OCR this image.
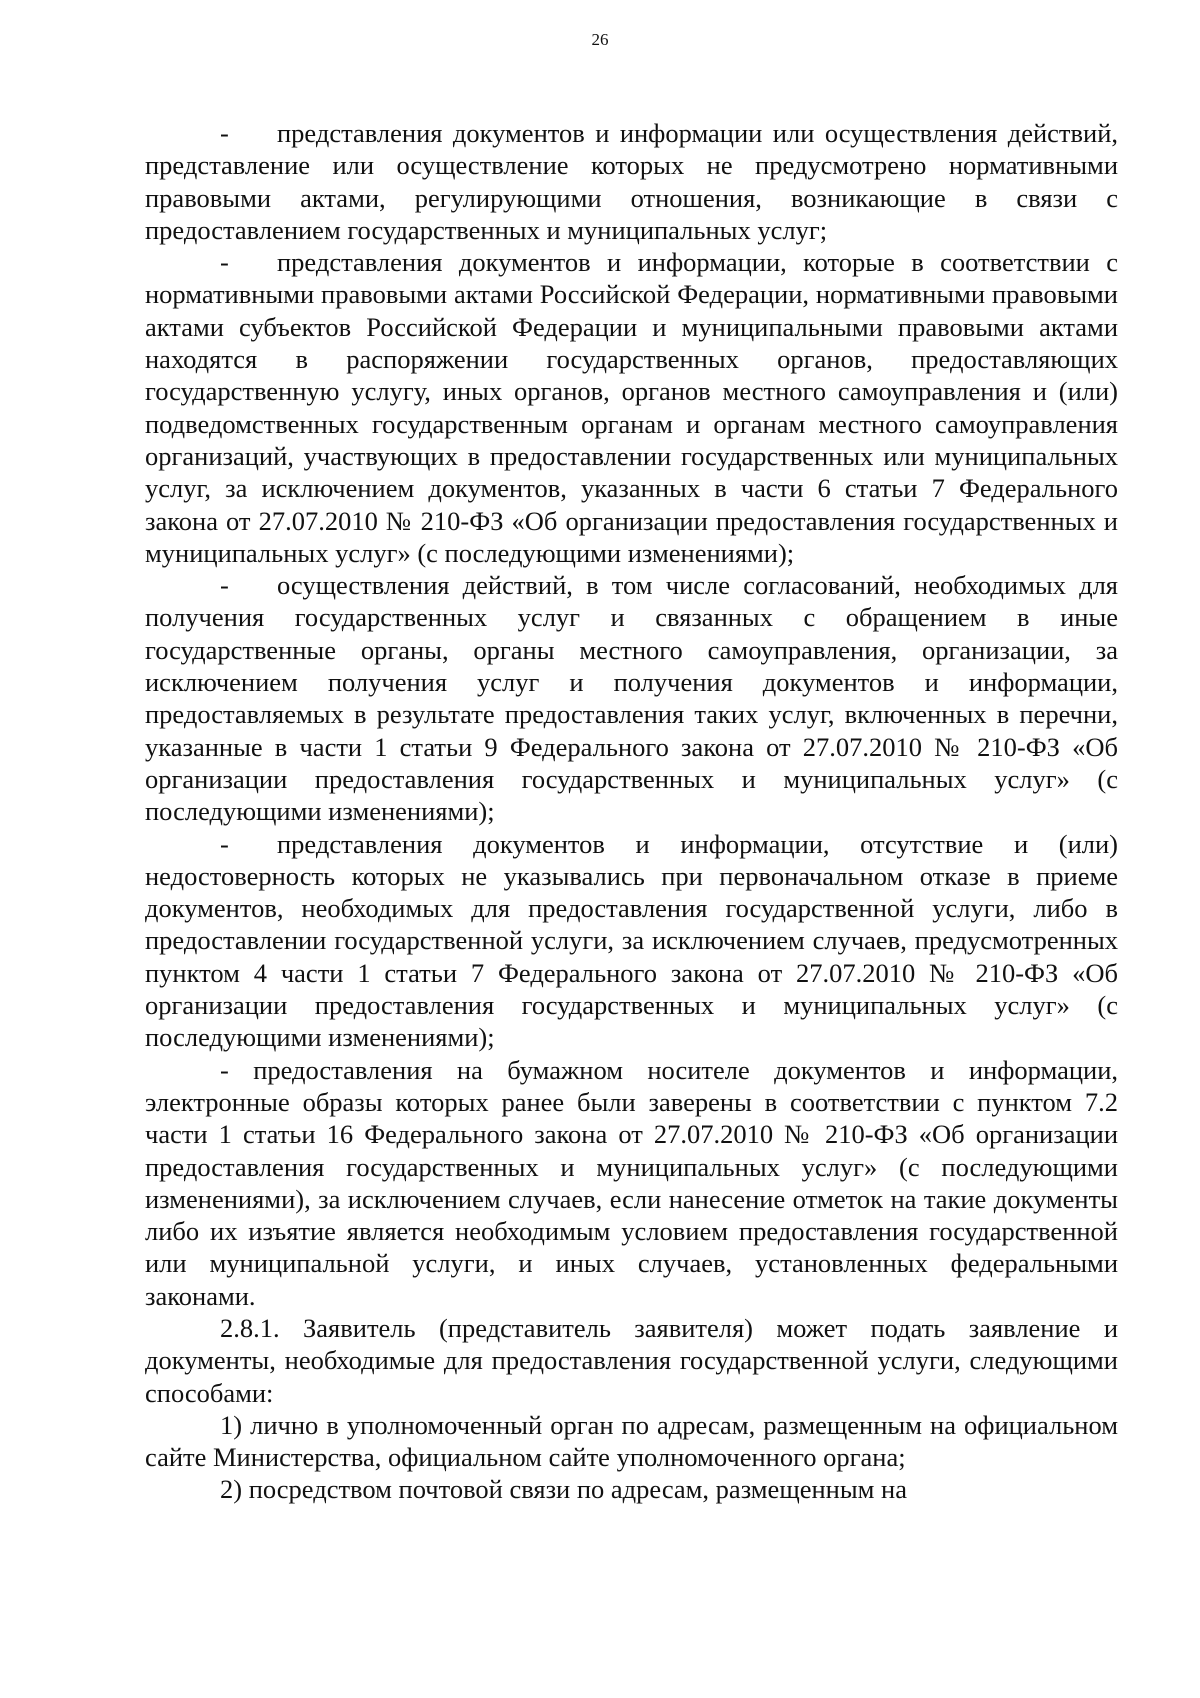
26

- представления документов и информации или осуществления действий, представление или осуществление которых не предусмотрено нормативными правовыми актами, регулирующими отношения, возникающие в связи с предоставлением государственных и муниципальных услуг;

- представления документов и информации, которые в соответствии с нормативными правовыми актами Российской Федерации, нормативными правовыми актами субъектов Российской Федерации и муниципальными правовыми актами находятся в распоряжении государственных органов, предоставляющих государственную услугу, иных органов, органов местного самоуправления и (или) подведомственных государственным органам и органам местного самоуправления организаций, участвующих в предоставлении государственных или муниципальных услуг, за исключением документов, указанных в части 6 статьи 7 Федерального закона от 27.07.2010 № 210-ФЗ «Об организации предоставления государственных и муниципальных услуг» (с последующими изменениями);

- осуществления действий, в том числе согласований, необходимых для получения государственных услуг и связанных с обращением в иные государственные органы, органы местного самоуправления, организации, за исключением получения услуг и получения документов и информации, предоставляемых в результате предоставления таких услуг, включенных в перечни, указанные в части 1 статьи 9 Федерального закона от 27.07.2010 № 210-ФЗ «Об организации предоставления государственных и муниципальных услуг» (с последующими изменениями);

- представления документов и информации, отсутствие и (или) недостоверность которых не указывались при первоначальном отказе в приеме документов, необходимых для предоставления государственной услуги, либо в предоставлении государственной услуги, за исключением случаев, предусмотренных пунктом 4 части 1 статьи 7 Федерального закона от 27.07.2010 № 210-ФЗ «Об организации предоставления государственных и муниципальных услуг» (с последующими изменениями);

- предоставления на бумажном носителе документов и информации, электронные образы которых ранее были заверены в соответствии с пунктом 7.2 части 1 статьи 16 Федерального закона от 27.07.2010 № 210-ФЗ «Об организации предоставления государственных и муниципальных услуг» (с последующими изменениями), за исключением случаев, если нанесение отметок на такие документы либо их изъятие является необходимым условием предоставления государственной или муниципальной услуги, и иных случаев, установленных федеральными законами.

2.8.1. Заявитель (представитель заявителя) может подать заявление и документы, необходимые для предоставления государственной услуги, следующими способами:

1) лично в уполномоченный орган по адресам, размещенным на официальном сайте Министерства, официальном сайте уполномоченного органа;

2) посредством почтовой связи по адресам, размещенным на
